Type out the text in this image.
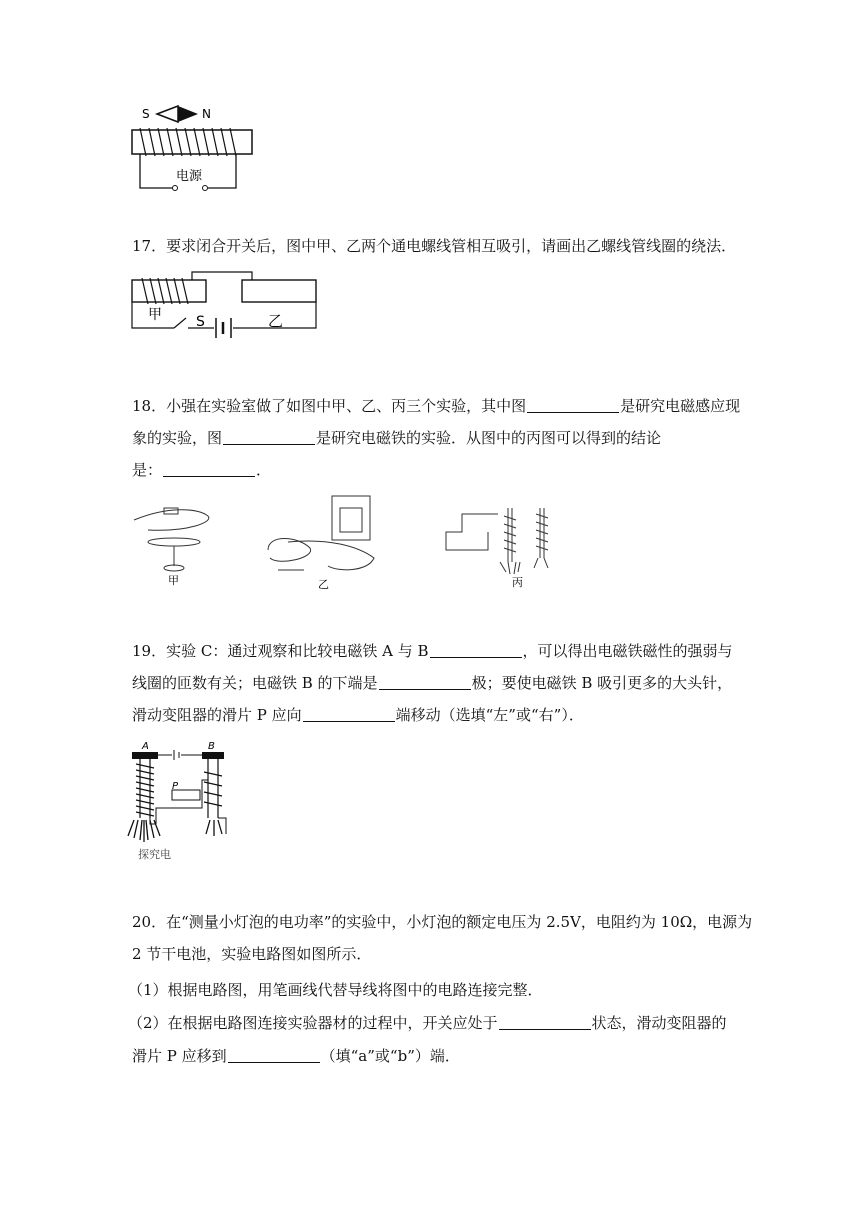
S	N
电源
17．要求闭合开关后，图中甲、乙两个通电螺线管相互吸引，请画出乙螺线管线圈的绕法．
甲 S	乙
18．小强在实验室做了如图中甲、乙、丙三个实验，其中图	是研究电磁感应现
象的实验，图	是研究电磁铁的实验．从图中的丙图可以得到的结论
是：	．
甲	乙	丙
19．实验 C：通过观察和比较电磁铁 A 与 B	，可以得出电磁铁磁性的强弱与
线圈的匝数有关；电磁铁 B 的下端是	极；要使电磁铁 B 吸引更多的大头针，
滑动变阻器的滑片 P 应向	端移动（选填“左”或“右”）．
A	B
P
探究电
20．在“测量小灯泡的电功率”的实验中，小灯泡的额定电压为 2.5V，电阻约为 10Ω，电源为
2 节干电池，实验电路图如图所示．
（1）根据电路图，用笔画线代替导线将图中的电路连接完整．
（2）在根据电路图连接实验器材的过程中，开关应处于	状态，滑动变阻器的
滑片 P 应移到	（填“a”或“b”）端．
